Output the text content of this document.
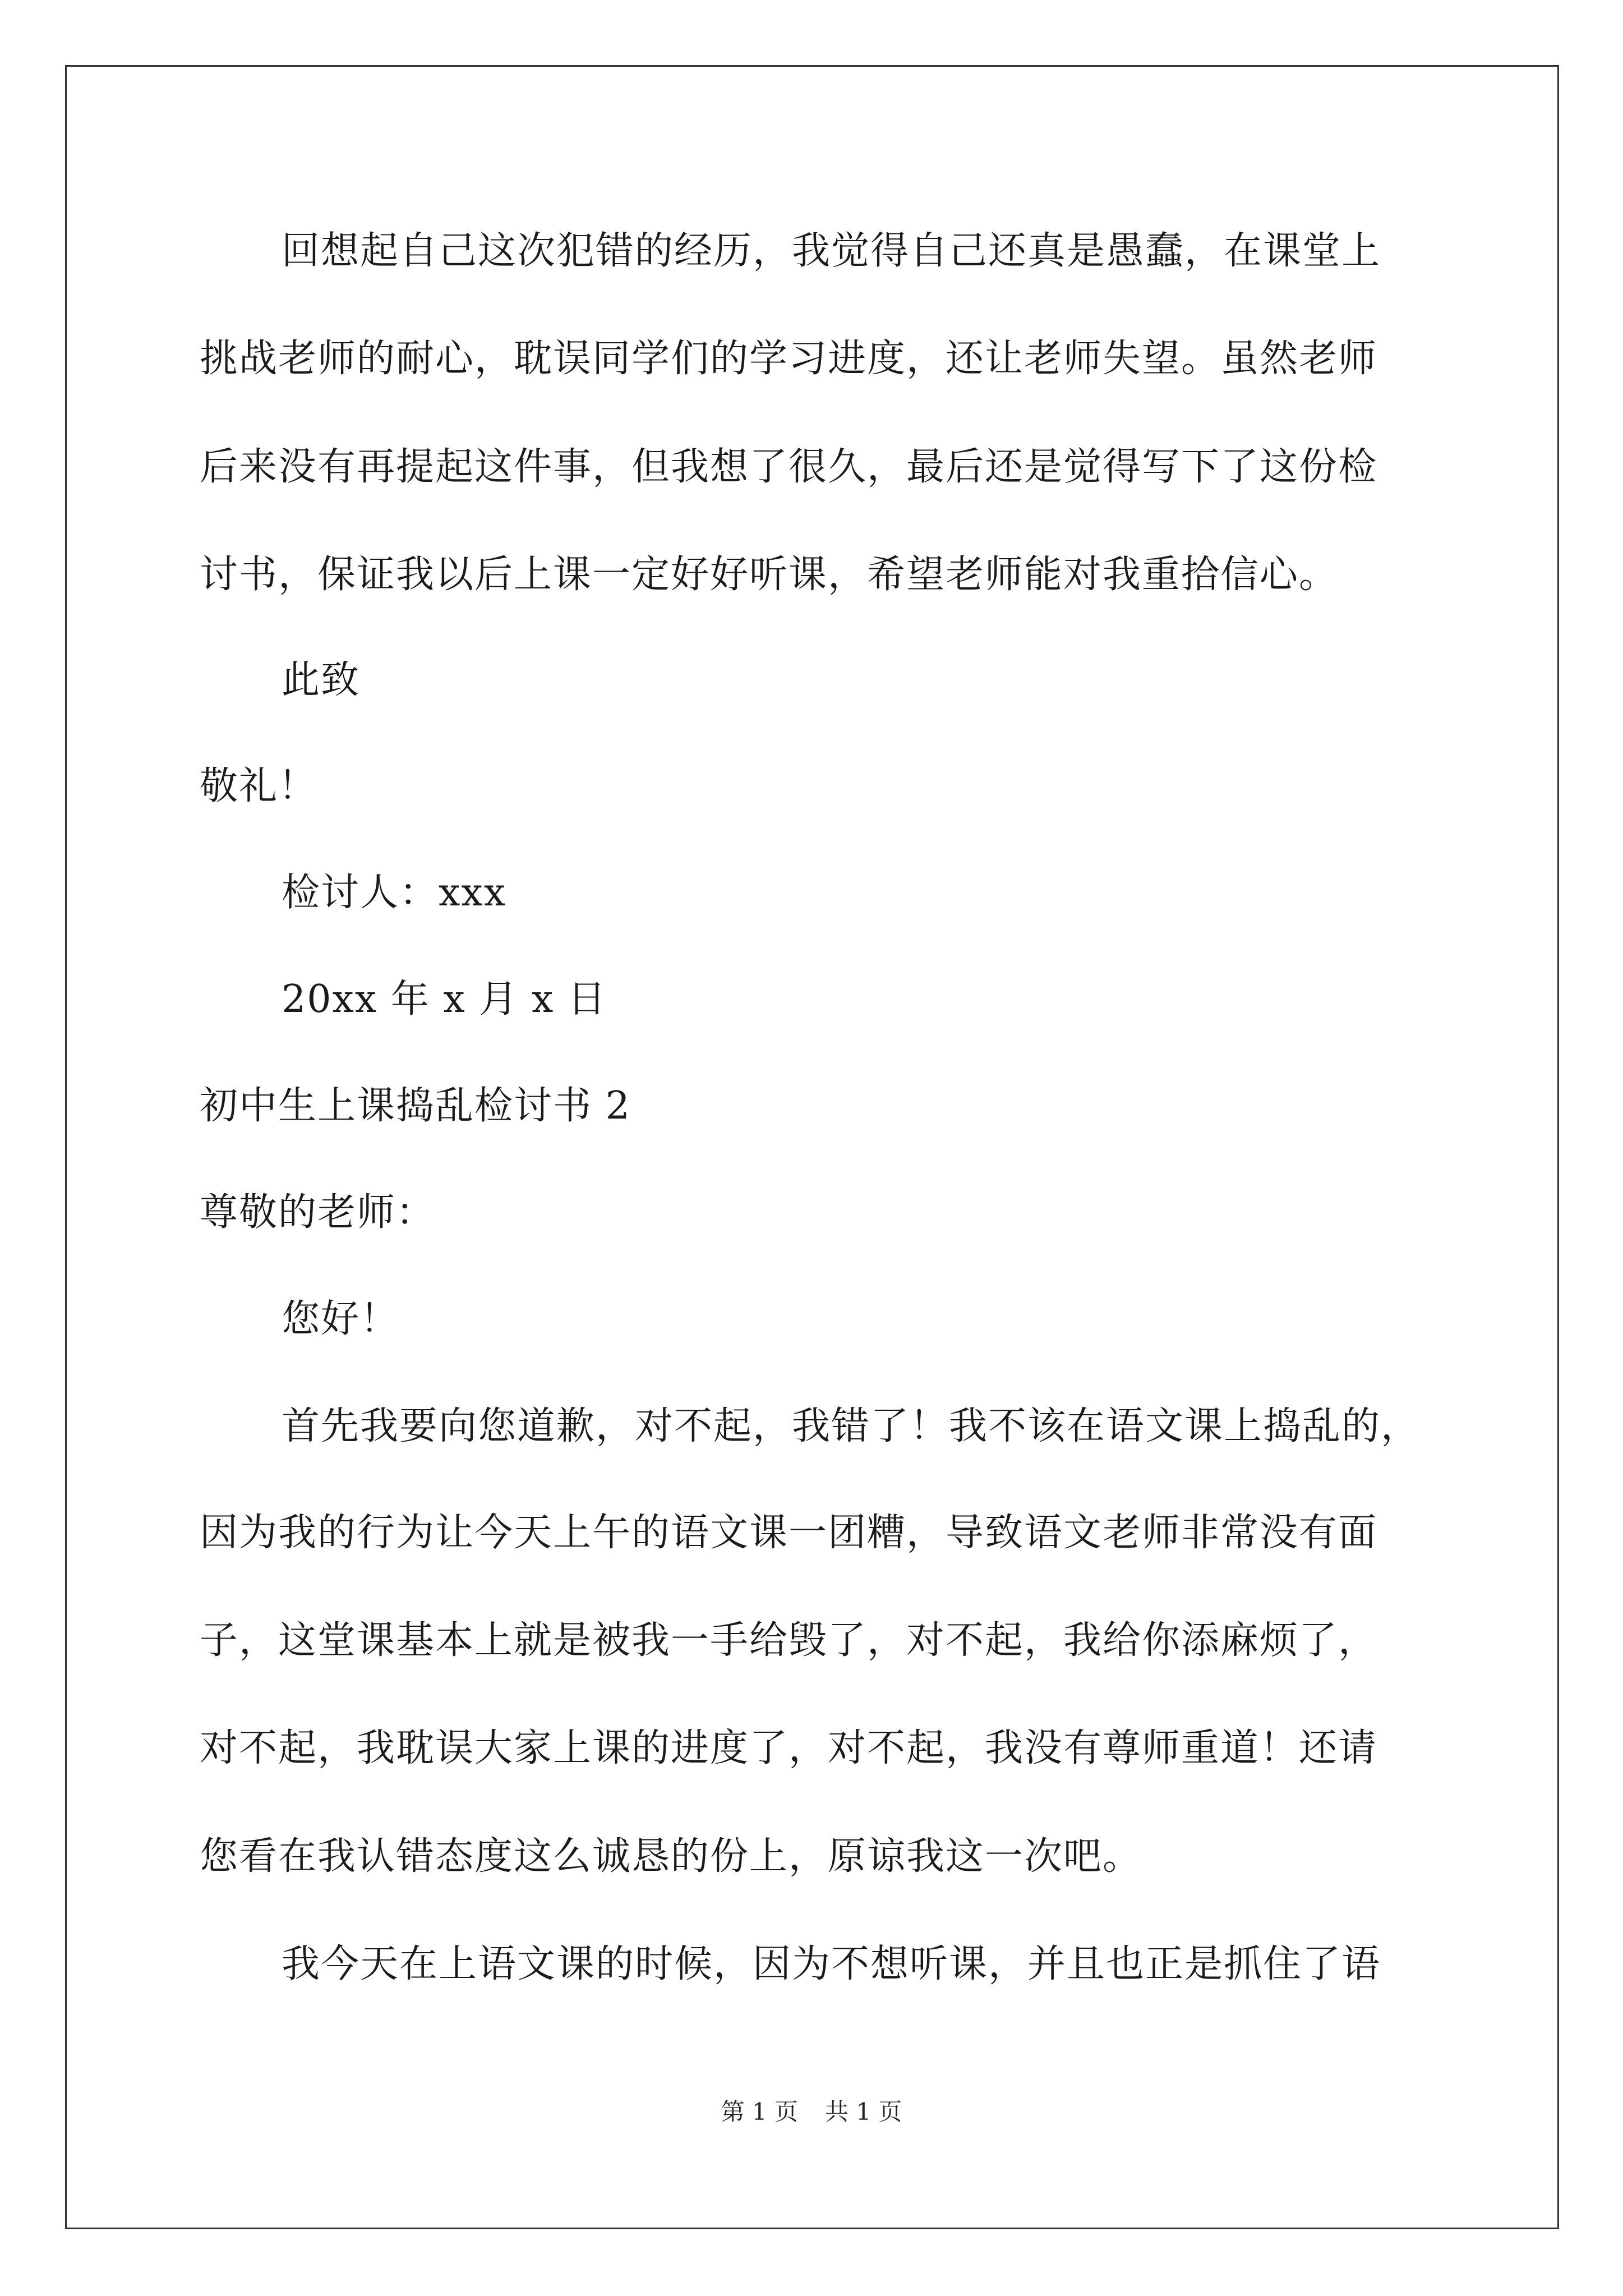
回想起自己这次犯错的经历，我觉得自己还真是愚蠢，在课堂上
挑战老师的耐心，耽误同学们的学习进度，还让老师失望。虽然老师
后来没有再提起这件事，但我想了很久，最后还是觉得写下了这份检
讨书，保证我以后上课一定好好听课，希望老师能对我重拾信心。
此致
敬礼！
检讨人：xxx
20xx 年 x 月 x 日
初中生上课捣乱检讨书 2
尊敬的老师：
您好！
首先我要向您道歉，对不起，我错了！我不该在语文课上捣乱的，
因为我的行为让今天上午的语文课一团糟，导致语文老师非常没有面
子，这堂课基本上就是被我一手给毁了，对不起，我给你添麻烦了，
对不起，我耽误大家上课的进度了，对不起，我没有尊师重道！还请
您看在我认错态度这么诚恳的份上，原谅我这一次吧。
我今天在上语文课的时候，因为不想听课，并且也正是抓住了语
第 1 页 共 1 页
